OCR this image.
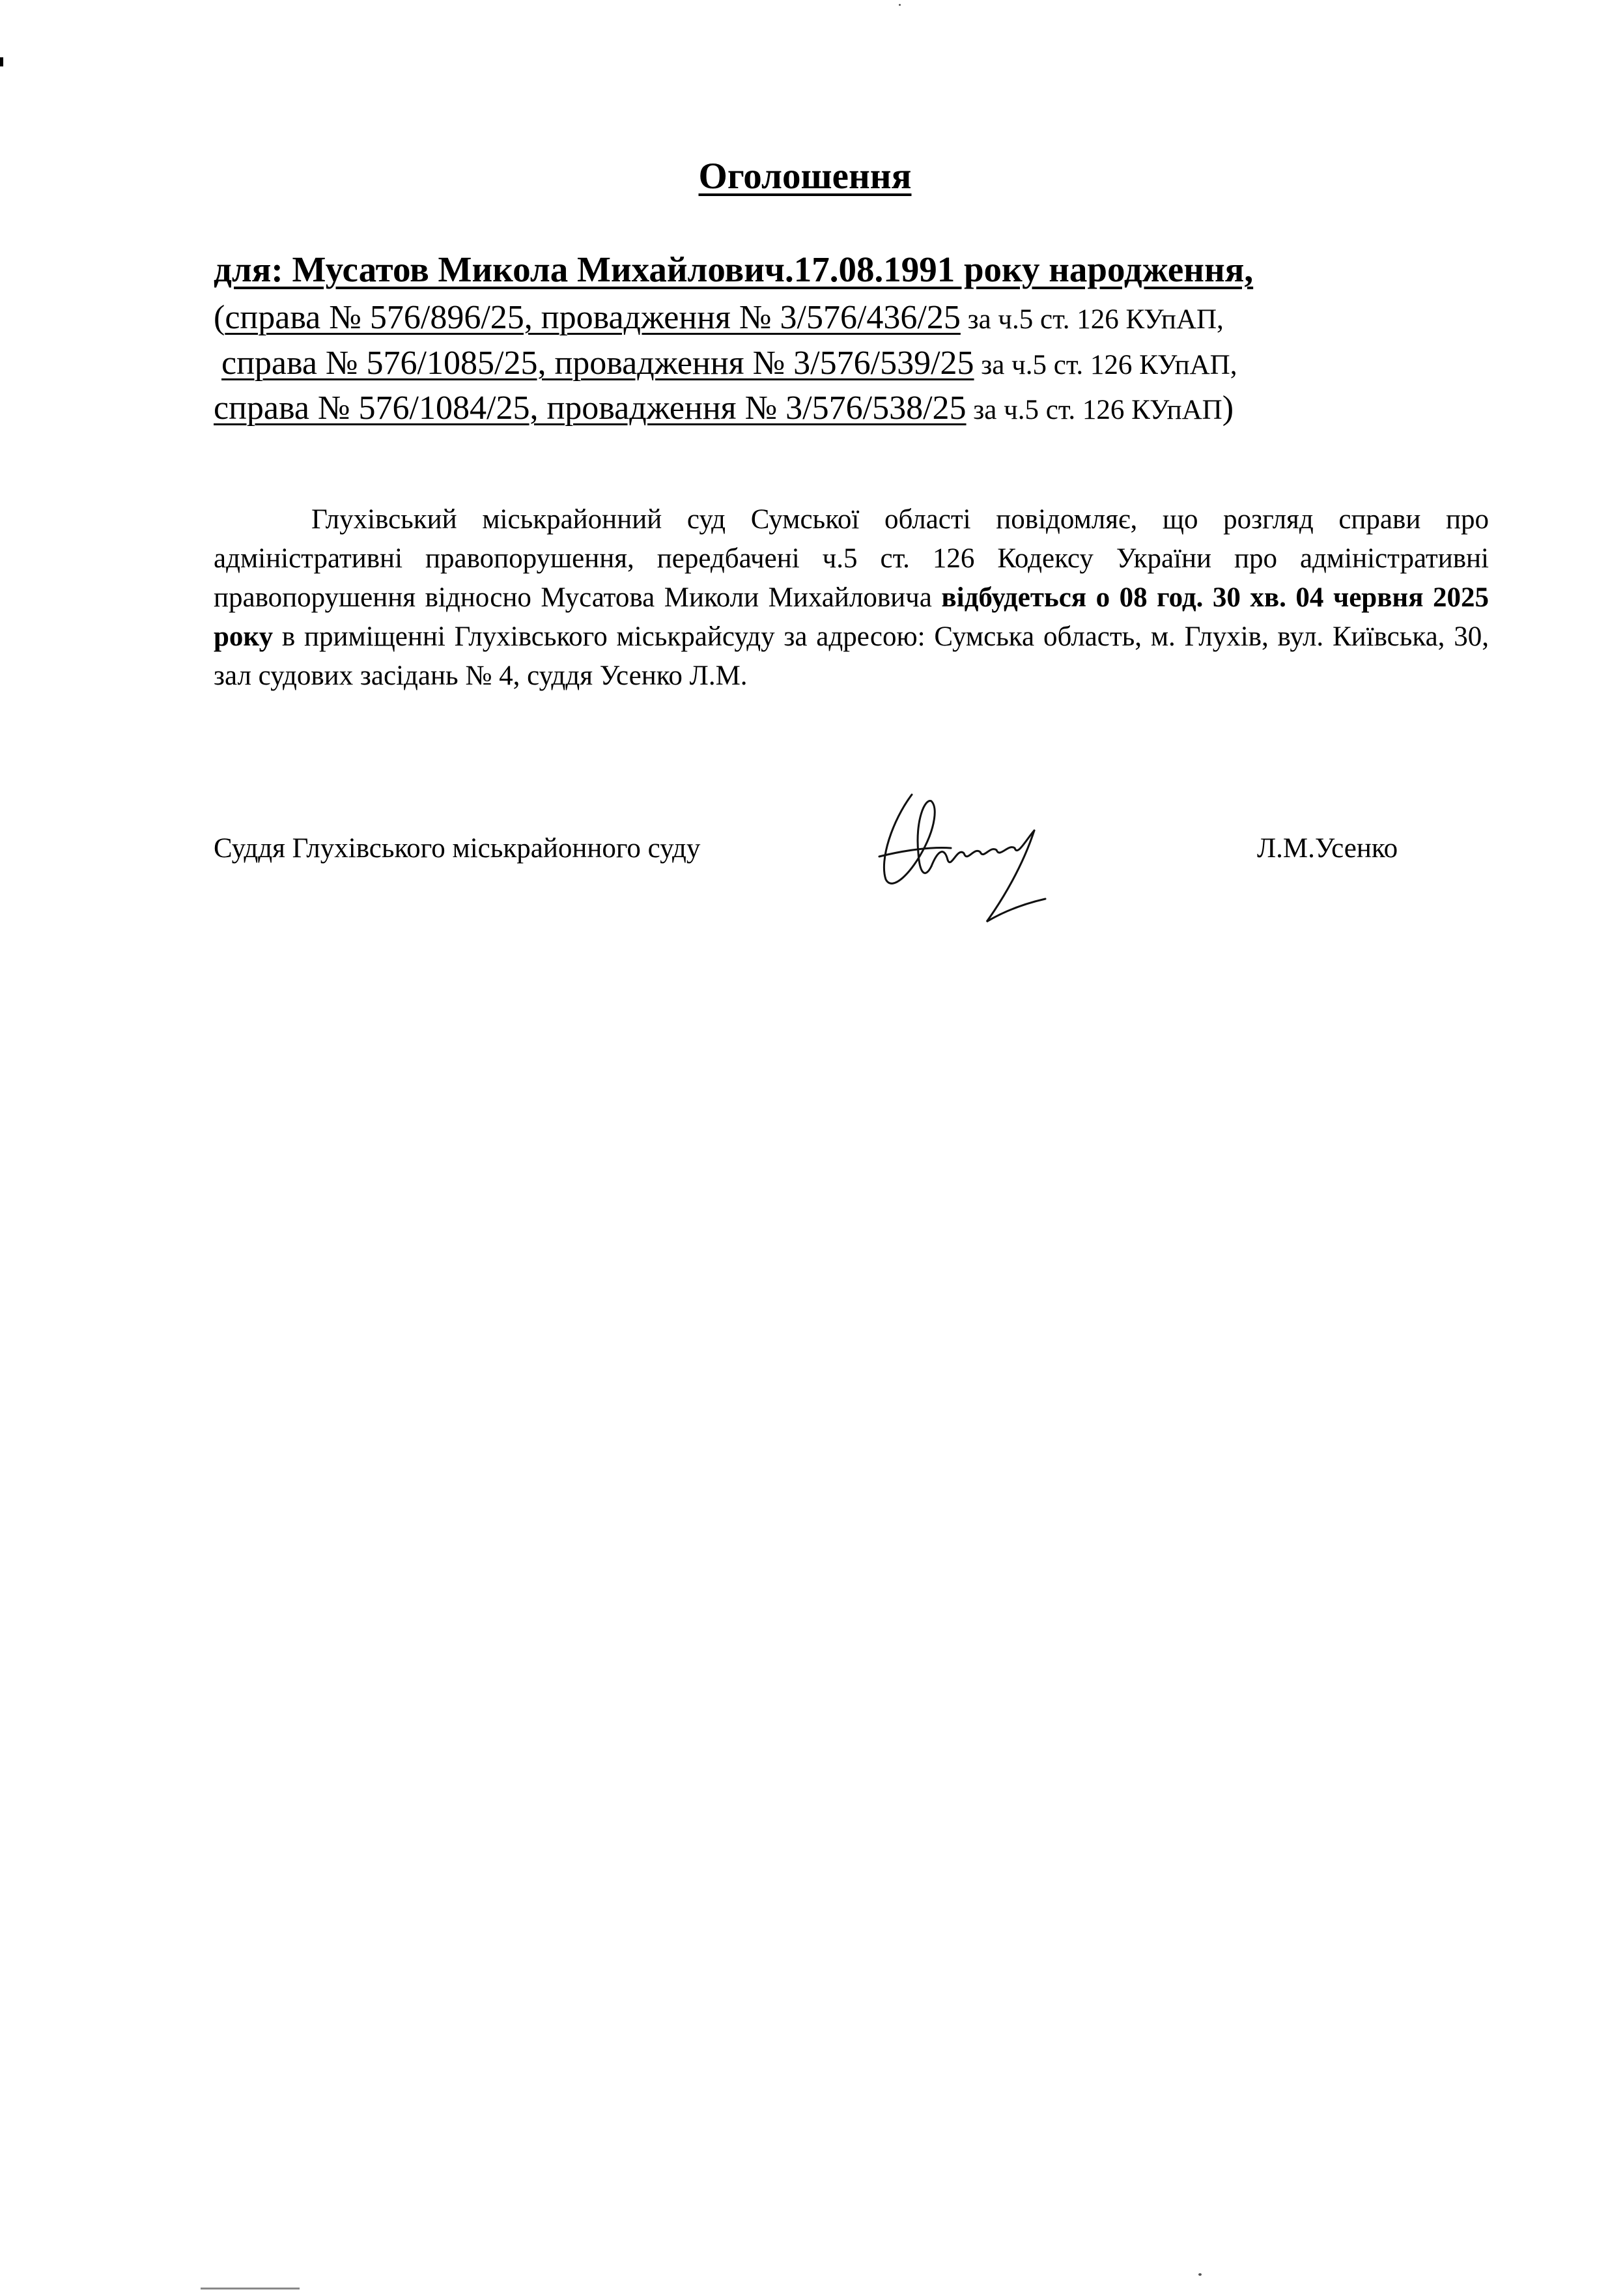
Оголошення
для: Мусатов Микола Михайлович.17.08.1991 року народження,
(справа № 576/896/25, провадження № 3/576/436/25 за ч.5 ст. 126 КУпАП,
справа № 576/1085/25, провадження № 3/576/539/25 за ч.5 ст. 126 КУпАП,
справа № 576/1084/25, провадження № 3/576/538/25 за ч.5 ст. 126 КУпАП)
Глухівський міськрайонний суд Сумської області повідомляє, що розгляд справи про адміністративні правопорушення, передбачені ч.5 ст. 126 Кодексу України про адміністративні правопорушення відносно Мусатова Миколи Михайловича відбудеться о 08 год. 30 хв. 04 червня 2025 року в приміщенні Глухівського міськрайсуду за адресою: Сумська область, м. Глухів, вул. Київська, 30, зал судових засідань № 4, суддя Усенко Л.М.
Суддя Глухівського міськрайонного суду	Л.М.Усенко
